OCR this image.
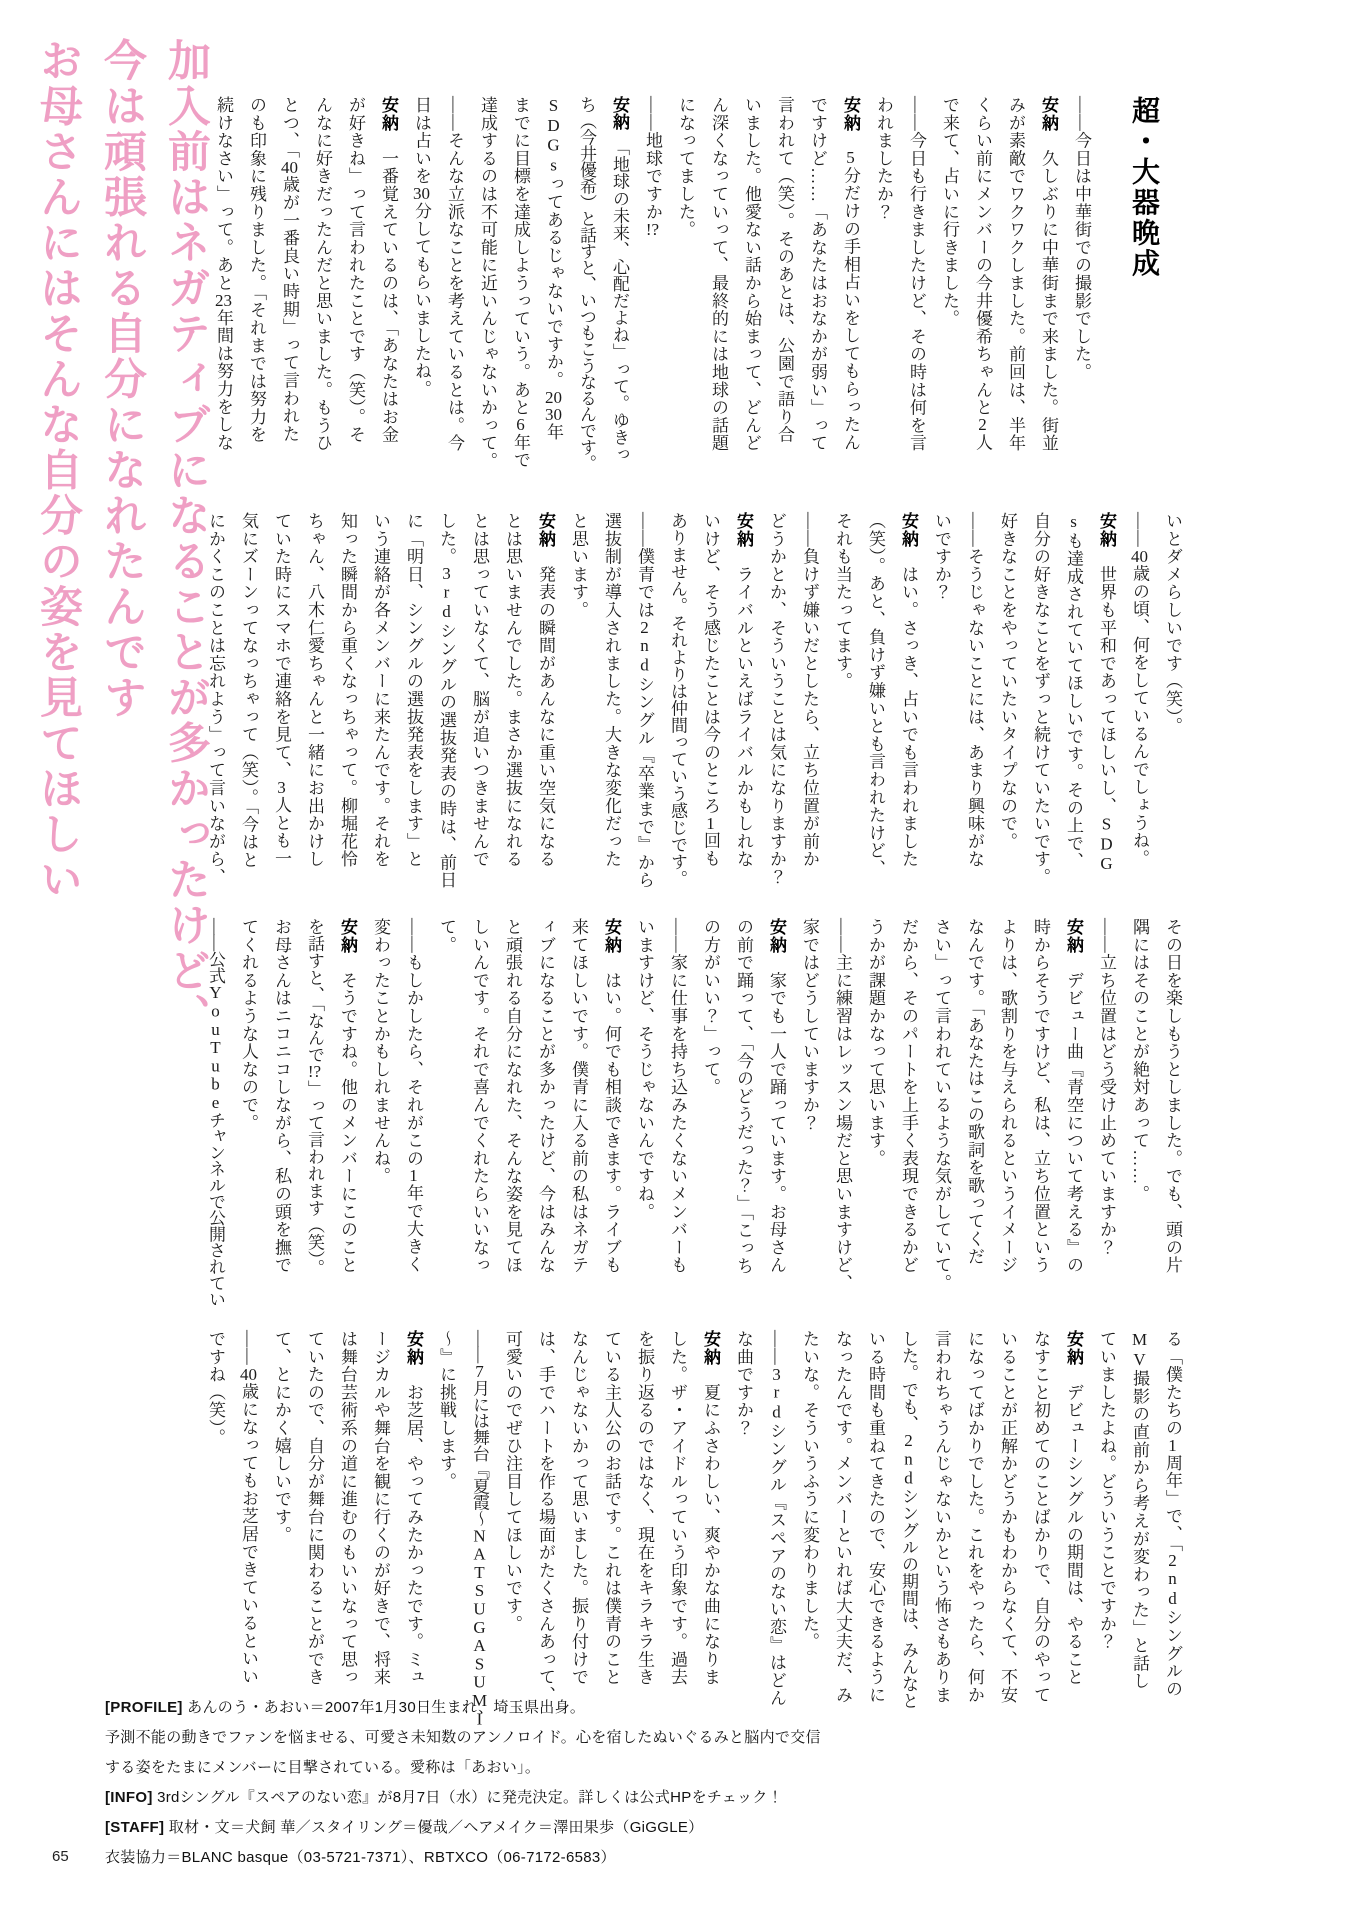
加入前はネガティブになることが多かったけど、
今は頑張れる自分になれたんです
お母さんにはそんな自分の姿を見てほしい	超・大器晩成
——今日は中華街での撮影でした。
安納　久しぶりに中華街まで来ました。街並
みが素敵でワクワクしました。前回は、半年
くらい前にメンバーの今井優希ちゃんと2人
で来て、占いに行きました。
——今日も行きましたけど、その時は何を言
われましたか？
安納　5分だけの手相占いをしてもらったん
ですけど……「あなたはおなかが弱い」って
言われて（笑）。そのあとは、公園で語り合
いました。他愛ない話から始まって、どんど
ん深くなっていって、最終的には地球の話題
になってました。
——地球ですか!?
安納　「地球の未来、心配だよね」って。ゆきっ
ち（今井優希）と話すと、いつもこうなるんです。
SDGsってあるじゃないですか。2030年
までに目標を達成しようっていう。あと6年で
達成するのは不可能に近いんじゃないかって。
——そんな立派なことを考えているとは。今
日は占いを30分してもらいましたね。
安納　一番覚えているのは、「あなたはお金
が好きね」って言われたことです（笑）。そ
んなに好きだったんだと思いました。もうひ
とつ、「40歳が一番良い時期」って言われた
のも印象に残りました。「それまでは努力を
続けなさい」って。あと23年間は努力をしな
いとダメらしいです（笑）。
——40歳の頃、何をしているんでしょうね。
安納　世界も平和であってほしいし、SDG
sも達成されていてほしいです。その上で、
自分の好きなことをずっと続けていたいです。
好きなことをやっていたいタイプなので。
——そうじゃないことには、あまり興味がな
いですか？
安納　はい。さっき、占いでも言われました
（笑）。あと、負けず嫌いとも言われたけど、
それも当たってます。
——負けず嫌いだとしたら、立ち位置が前か
どうかとか、そういうことは気になりますか？
安納　ライバルといえばライバルかもしれな
いけど、そう感じたことは今のところ1回も
ありません。それよりは仲間っていう感じです。
——僕青では2ndシングル『卒業まで』から
選抜制が導入されました。大きな変化だった
と思います。
安納　発表の瞬間があんなに重い空気になる
とは思いませんでした。まさか選抜になれる
とは思っていなくて、脳が追いつきませんで
した。3rdシングルの選抜発表の時は、前日
に「明日、シングルの選抜発表をします」と
いう連絡が各メンバーに来たんです。それを
知った瞬間から重くなっちゃって。柳堀花怜
ちゃん、八木仁愛ちゃんと一緒にお出かけし
ていた時にスマホで連絡を見て、3人とも一
気にズーンってなっちゃって（笑）。「今はと
にかくこのことは忘れよう」って言いながら、
その日を楽しもうとしました。でも、頭の片
隅にはそのことが絶対あって……。
——立ち位置はどう受け止めていますか？
安納　デビュー曲『青空について考える』の
時からそうですけど、私は、立ち位置という
よりは、歌割りを与えられるというイメージ
なんです。「あなたはこの歌詞を歌ってくだ
さい」って言われているような気がしていて。
だから、そのパートを上手く表現できるかど
うかが課題かなって思います。
——主に練習はレッスン場だと思いますけど、
家ではどうしていますか？
安納　家でも一人で踊っています。お母さん
の前で踊って、「今のどうだった？」「こっち
の方がいい？」って。
——家に仕事を持ち込みたくないメンバーも
いますけど、そうじゃないんですね。
安納　はい。何でも相談できます。ライブも
来てほしいです。僕青に入る前の私はネガテ
ィブになることが多かったけど、今はみんな
と頑張れる自分になれた、そんな姿を見てほ
しいんです。それで喜んでくれたらいいなっ
て。
——もしかしたら、それがこの1年で大きく
変わったことかもしれませんね。
安納　そうですね。他のメンバーにこのこと
を話すと、「なんで!?」って言われます（笑）。
お母さんはニコニコしながら、私の頭を撫で
てくれるような人なので。
——公式YouTubeチャンネルで公開されてい
る「僕たちの1周年」で、「2ndシングルの
MV撮影の直前から考えが変わった」と話し
ていましたよね。どういうことですか？
安納　デビューシングルの期間は、やること
なすこと初めてのことばかりで、自分のやって
いることが正解かどうかもわからなくて、不安
になってばかりでした。これをやったら、何か
言われちゃうんじゃないかという怖さもありま
した。でも、2ndシングルの期間は、みんなと
いる時間も重ねてきたので、安心できるように
なったんです。メンバーといれば大丈夫だ、み
たいな。そういうふうに変わりました。
——3rdシングル『スペアのない恋』はどん
な曲ですか？
安納　夏にふさわしい、爽やかな曲になりま
した。ザ・アイドルっていう印象です。過去
を振り返るのではなく、現在をキラキラ生き
ている主人公のお話です。これは僕青のこと
なんじゃないかって思いました。振り付けで
は、手でハートを作る場面がたくさんあって、
可愛いのでぜひ注目してほしいです。
——7月には舞台『夏霞〜NATSUGASUMI
〜』に挑戦します。
安納　お芝居、やってみたかったです。ミュ
ージカルや舞台を観に行くのが好きで、将来
は舞台芸術系の道に進むのもいいなって思っ
ていたので、自分が舞台に関わることができ
て、とにかく嬉しいです。
——40歳になってもお芝居できているといい
ですね（笑）。
[PROFILE] あんのう・あおい＝2007年1月30日生まれ、埼玉県出身。
予測不能の動きでファンを悩ませる、可愛さ未知数のアンノロイド。心を宿したぬいぐるみと脳内で交信
する姿をたまにメンバーに目撃されている。愛称は「あおい」。
[INFO] 3rdシングル『スペアのない恋』が8月7日（水）に発売決定。詳しくは公式HPをチェック！
[STAFF] 取材・文＝犬飼 華／スタイリング＝優哉／ヘアメイク＝澤田果歩（GiGGLE）
衣装協力＝BLANC basque（03-5721-7371）、RBTXCO（06-7172-6583）
65
